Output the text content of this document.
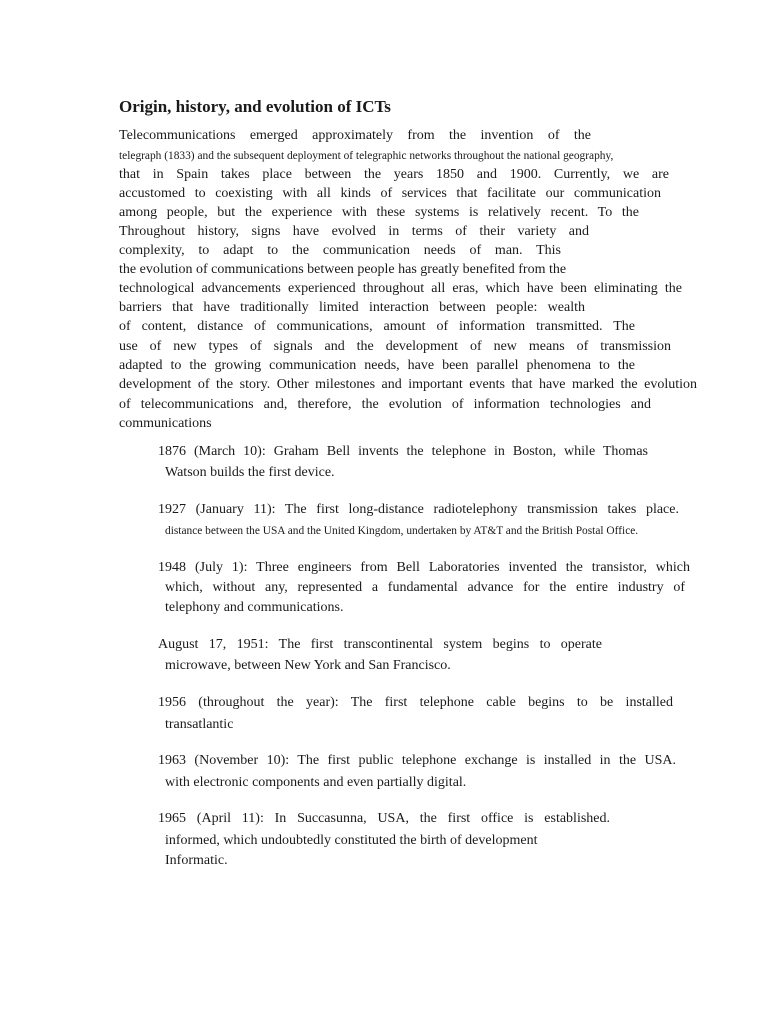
Origin, history, and evolution of ICTs

Telecommunications emerged approximately from the invention of the

telegraph (1833) and the subsequent deployment of telegraphic networks throughout the national geography,

that in Spain takes place between the years 1850 and 1900. Currently, we are

accustomed to coexisting with all kinds of services that facilitate our communication

among people, but the experience with these systems is relatively recent. To the

Throughout history, signs have evolved in terms of their variety and

complexity, to adapt to the communication needs of man. This

the evolution of communications between people has greatly benefited from the

technological advancements experienced throughout all eras, which have been eliminating the

barriers that have traditionally limited interaction between people: wealth

of content, distance of communications, amount of information transmitted. The

use of new types of signals and the development of new means of transmission

adapted to the growing communication needs, have been parallel phenomena to the

development of the story. Other milestones and important events that have marked the evolution

of telecommunications and, therefore, the evolution of information technologies and

communications

1876 (March 10): Graham Bell invents the telephone in Boston, while Thomas

Watson builds the first device.

1927 (January 11): The first long-distance radiotelephony transmission takes place.

distance between the USA and the United Kingdom, undertaken by AT&T and the British Postal Office.

1948 (July 1): Three engineers from Bell Laboratories invented the transistor, which

which, without any, represented a fundamental advance for the entire industry of

telephony and communications.

August 17, 1951: The first transcontinental system begins to operate

microwave, between New York and San Francisco.

1956 (throughout the year): The first telephone cable begins to be installed

transatlantic

1963 (November 10): The first public telephone exchange is installed in the USA.

with electronic components and even partially digital.

1965 (April 11): In Succasunna, USA, the first office is established.

informed, which undoubtedly constituted the birth of development

Informatic.
